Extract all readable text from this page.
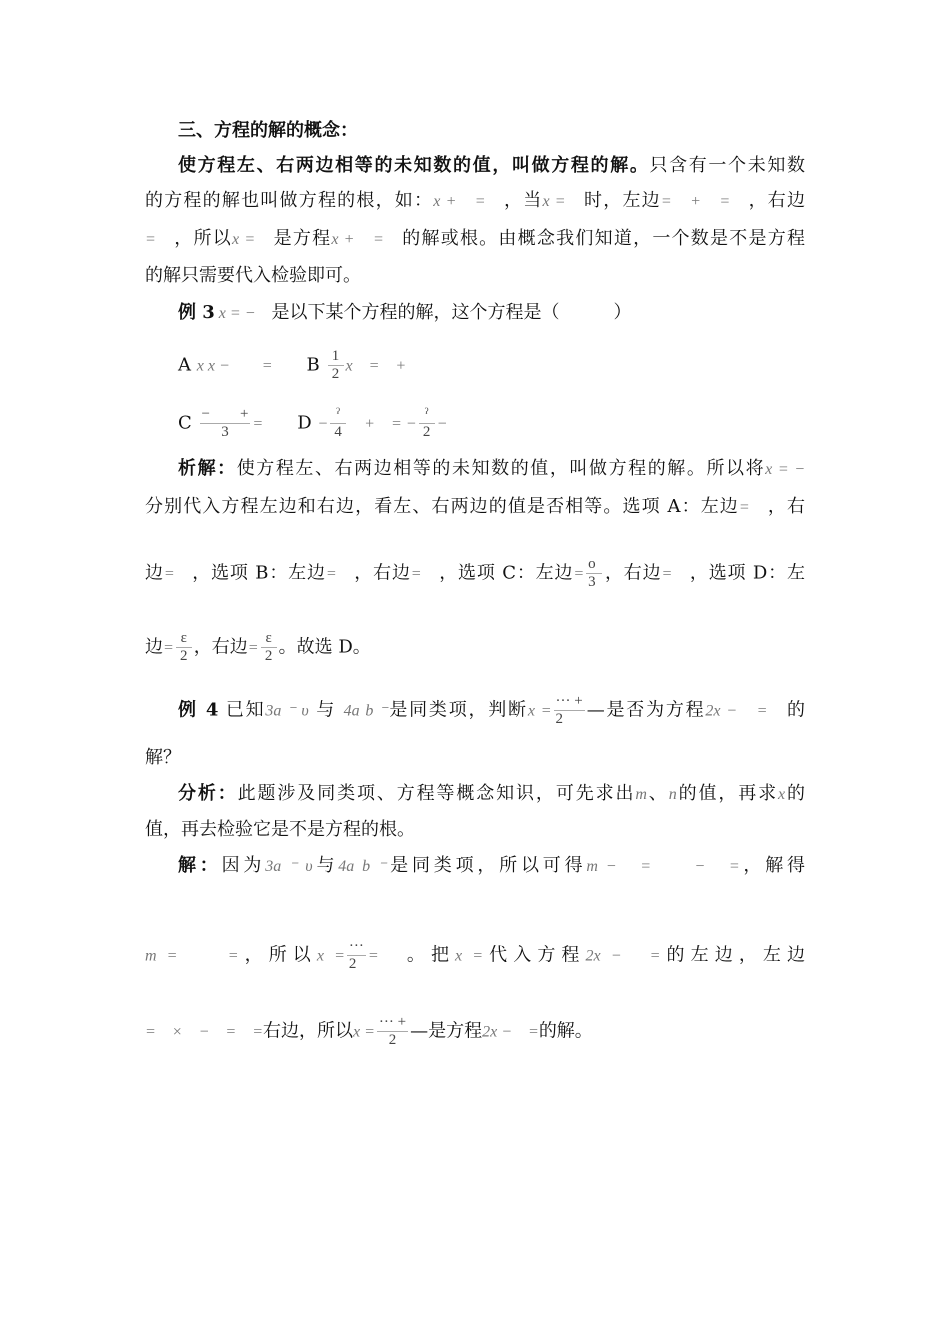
三、方程的解的概念：
使方程左、右两边相等的未知数的值，叫做方程的解。只含有一个未知数
的方程的解也叫做方程的根，如：x +　=　，当x =　时，左边=　+　=　，右边
=　，所以x =　是方程x +　=　的解或根。由概念我们知道，一个数是不是方程
的解只需要代入检验即可。
例 3 x = −　是以下某个方程的解，这个方程是（　　　）
A x x −　　= B $\frac{1}{2}$ x　=　+
C $\frac{- +}{3} = D - \frac{\text{ˀ}}{4}$ 　+　= − $\frac{\text{ˀ}}{2}$ −
析解：使方程左、右两边相等的未知数的值，叫做方程的解。所以将x = −
分别代入方程左边和右边，看左、右两边的值是否相等。选项 A：左边=　，右
边=　，选项 B：左边=　，右边=　，选项 C：左边= $\frac{o}{3}$ ，右边=　，选项 D：左
边= $\frac{\varepsilon}{2}$ ，右边= $\frac{\varepsilon}{2}$ 。故选 D。
例 4 已知3a ⁻ υ 与 4a b ⁻是同类项，判断$x = \frac{\cdot\cdot\cdot +}{2}$ —是否为方程2x −　=　的
解？
分析：此题涉及同类项、方程等概念知识，可先求出m、n的值，再求x的
值，再去检验它是不是方程的根。
解：因为3a ⁻ υ与4a b ⁻是同类项，所以可得m −　=　　−　=，解得
m =　　=，所以$x = \frac{\cdot\cdot\cdot}{2}$ =　。把x =代入方程2x −　=的左边，左边
=　×　−　=　=右边，所以$x = \frac{\cdot\cdot\cdot +}{2}$ —是方程2x −　=的解。
